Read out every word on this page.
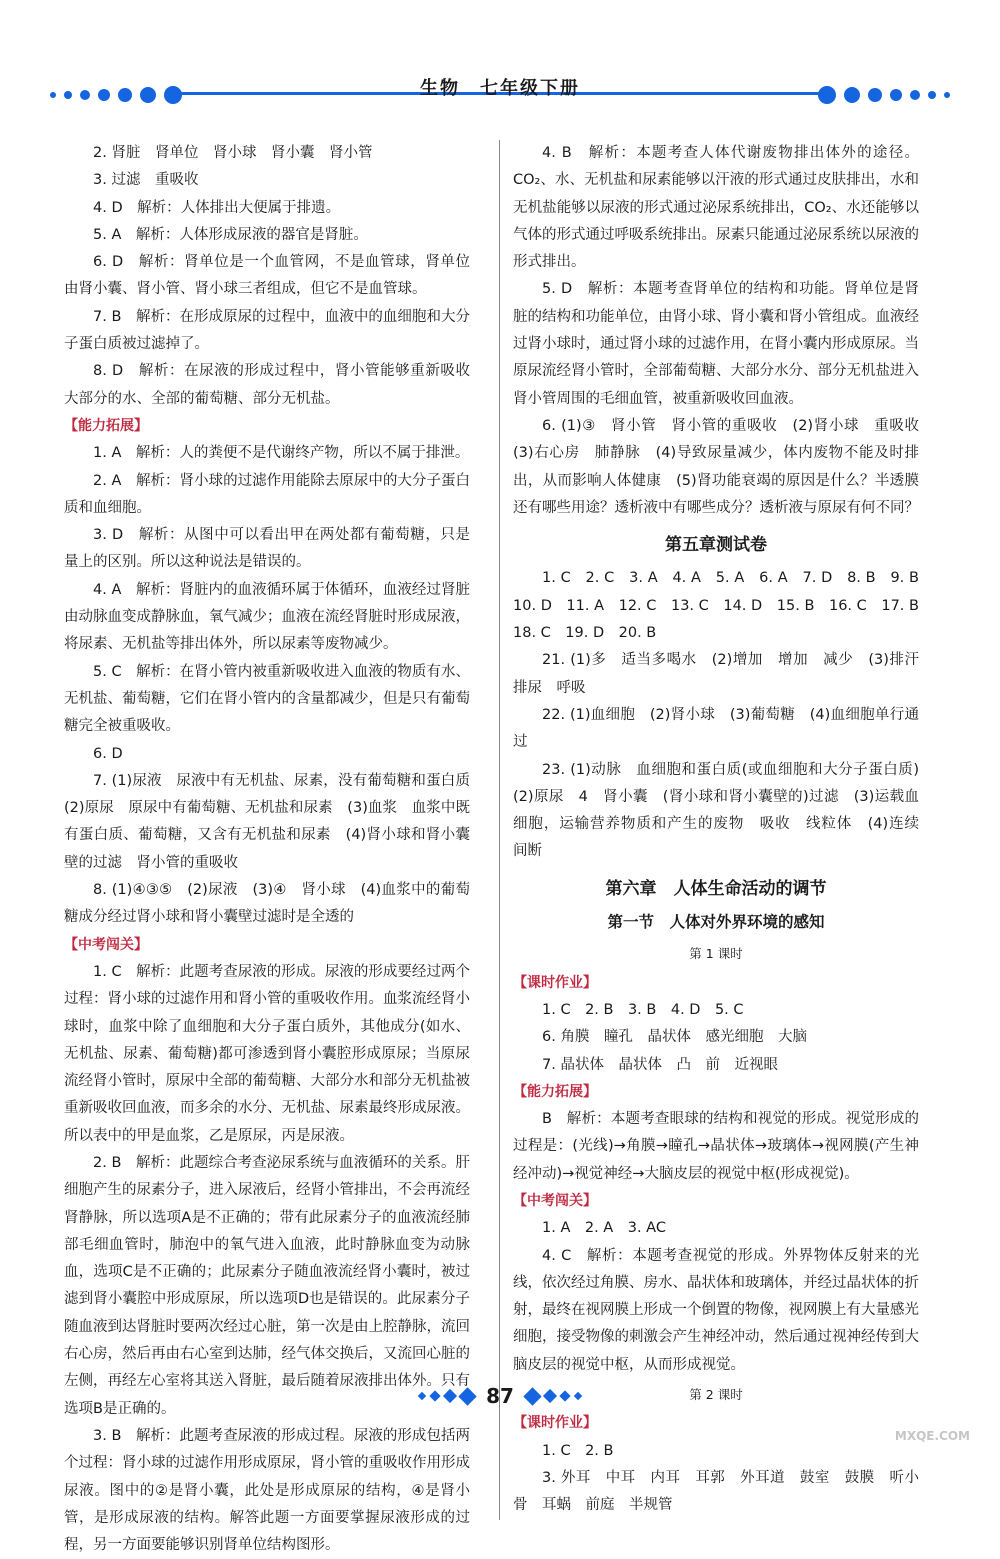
生物　七年级下册
2. 肾脏　肾单位　肾小球　肾小囊　肾小管
3. 过滤　重吸收
4. D　解析：人体排出大便属于排遗。
5. A　解析：人体形成尿液的器官是肾脏。
6. D　解析：肾单位是一个血管网，不是血管球，肾单位由肾小囊、肾小管、肾小球三者组成，但它不是血管球。
7. B　解析：在形成原尿的过程中，血液中的血细胞和大分子蛋白质被过滤掉了。
8. D　解析：在尿液的形成过程中，肾小管能够重新吸收大部分的水、全部的葡萄糖、部分无机盐。
【能力拓展】
1. A　解析：人的粪便不是代谢终产物，所以不属于排泄。
2. A　解析：肾小球的过滤作用能除去原尿中的大分子蛋白质和血细胞。
3. D　解析：从图中可以看出甲在两处都有葡萄糖，只是量上的区别。所以这种说法是错误的。
4. A　解析：肾脏内的血液循环属于体循环，血液经过肾脏由动脉血变成静脉血，氧气减少；血液在流经肾脏时形成尿液，将尿素、无机盐等排出体外，所以尿素等废物减少。
5. C　解析：在肾小管内被重新吸收进入血液的物质有水、无机盐、葡萄糖，它们在肾小管内的含量都减少，但是只有葡萄糖完全被重吸收。
6. D
7. (1)尿液　尿液中有无机盐、尿素，没有葡萄糖和蛋白质　(2)原尿　原尿中有葡萄糖、无机盐和尿素　(3)血浆　血浆中既有蛋白质、葡萄糖，又含有无机盐和尿素　(4)肾小球和肾小囊壁的过滤　肾小管的重吸收
8. (1)④③⑤　(2)尿液　(3)④　肾小球　(4)血浆中的葡萄糖成分经过肾小球和肾小囊壁过滤时是全透的
【中考闯关】
1. C　解析：此题考查尿液的形成。尿液的形成要经过两个过程：肾小球的过滤作用和肾小管的重吸收作用。血浆流经肾小球时，血浆中除了血细胞和大分子蛋白质外，其他成分(如水、无机盐、尿素、葡萄糖)都可渗透到肾小囊腔形成原尿；当原尿流经肾小管时，原尿中全部的葡萄糖、大部分水和部分无机盐被重新吸收回血液，而多余的水分、无机盐、尿素最终形成尿液。所以表中的甲是血浆，乙是原尿，丙是尿液。
2. B　解析：此题综合考查泌尿系统与血液循环的关系。肝细胞产生的尿素分子，进入尿液后，经肾小管排出，不会再流经肾静脉，所以选项A是不正确的；带有此尿素分子的血液流经肺部毛细血管时，肺泡中的氧气进入血液，此时静脉血变为动脉血，选项C是不正确的；此尿素分子随血液流经肾小囊时，被过滤到肾小囊腔中形成原尿，所以选项D也是错误的。此尿素分子随血液到达肾脏时要两次经过心脏，第一次是由上腔静脉，流回右心房，然后再由右心室到达肺，经气体交换后，又流回心脏的左侧，再经左心室将其送入肾脏，最后随着尿液排出体外。只有选项B是正确的。
3. B　解析：此题考查尿液的形成过程。尿液的形成包括两个过程：肾小球的过滤作用形成原尿，肾小管的重吸收作用形成尿液。图中的②是肾小囊，此处是形成原尿的结构，④是肾小管，是形成尿液的结构。解答此题一方面要掌握尿液形成的过程，另一方面要能够识别肾单位结构图形。
4. B　解析：本题考查人体代谢废物排出体外的途径。CO₂、水、无机盐和尿素能够以汗液的形式通过皮肤排出，水和无机盐能够以尿液的形式通过泌尿系统排出，CO₂、水还能够以气体的形式通过呼吸系统排出。尿素只能通过泌尿系统以尿液的形式排出。
5. D　解析：本题考查肾单位的结构和功能。肾单位是肾脏的结构和功能单位，由肾小球、肾小囊和肾小管组成。血液经过肾小球时，通过肾小球的过滤作用，在肾小囊内形成原尿。当原尿流经肾小管时，全部葡萄糖、大部分水分、部分无机盐进入肾小管周围的毛细血管，被重新吸收回血液。
6. (1)③　肾小管　肾小管的重吸收　(2)肾小球　重吸收　(3)右心房　肺静脉　(4)导致尿量减少，体内废物不能及时排出，从而影响人体健康　(5)肾功能衰竭的原因是什么？半透膜还有哪些用途？透析液中有哪些成分？透析液与原尿有何不同？
第五章测试卷
1. C　2. C　3. A　4. A　5. A　6. A　7. D　8. B　9. B　10. D　11. A　12. C　13. C　14. D　15. B　16. C　17. B　18. C　19. D　20. B
21. (1)多　适当多喝水　(2)增加　增加　减少　(3)排汗　排尿　呼吸
22. (1)血细胞　(2)肾小球　(3)葡萄糖　(4)血细胞单行通过
23. (1)动脉　血细胞和蛋白质(或血细胞和大分子蛋白质)　(2)原尿　4　肾小囊　(肾小球和肾小囊壁的)过滤　(3)运载血细胞，运输营养物质和产生的废物　吸收　线粒体　(4)连续　间断
第六章　人体生命活动的调节
第一节　人体对外界环境的感知
第 1 课时
【课时作业】
1. C　2. B　3. B　4. D　5. C
6. 角膜　瞳孔　晶状体　感光细胞　大脑
7. 晶状体　晶状体　凸　前　近视眼
【能力拓展】
B　解析：本题考查眼球的结构和视觉的形成。视觉形成的过程是：(光线)→角膜→瞳孔→晶状体→玻璃体→视网膜(产生神经冲动)→视觉神经→大脑皮层的视觉中枢(形成视觉)。
【中考闯关】
1. A　2. A　3. AC
4. C　解析：本题考查视觉的形成。外界物体反射来的光线，依次经过角膜、房水、晶状体和玻璃体，并经过晶状体的折射，最终在视网膜上形成一个倒置的物像，视网膜上有大量感光细胞，接受物像的刺激会产生神经冲动，然后通过视神经传到大脑皮层的视觉中枢，从而形成视觉。
第 2 课时
【课时作业】
1. C　2. B
3. 外耳　中耳　内耳　耳郭　外耳道　鼓室　鼓膜　听小骨　耳蜗　前庭　半规管
87
MXQE.COM
